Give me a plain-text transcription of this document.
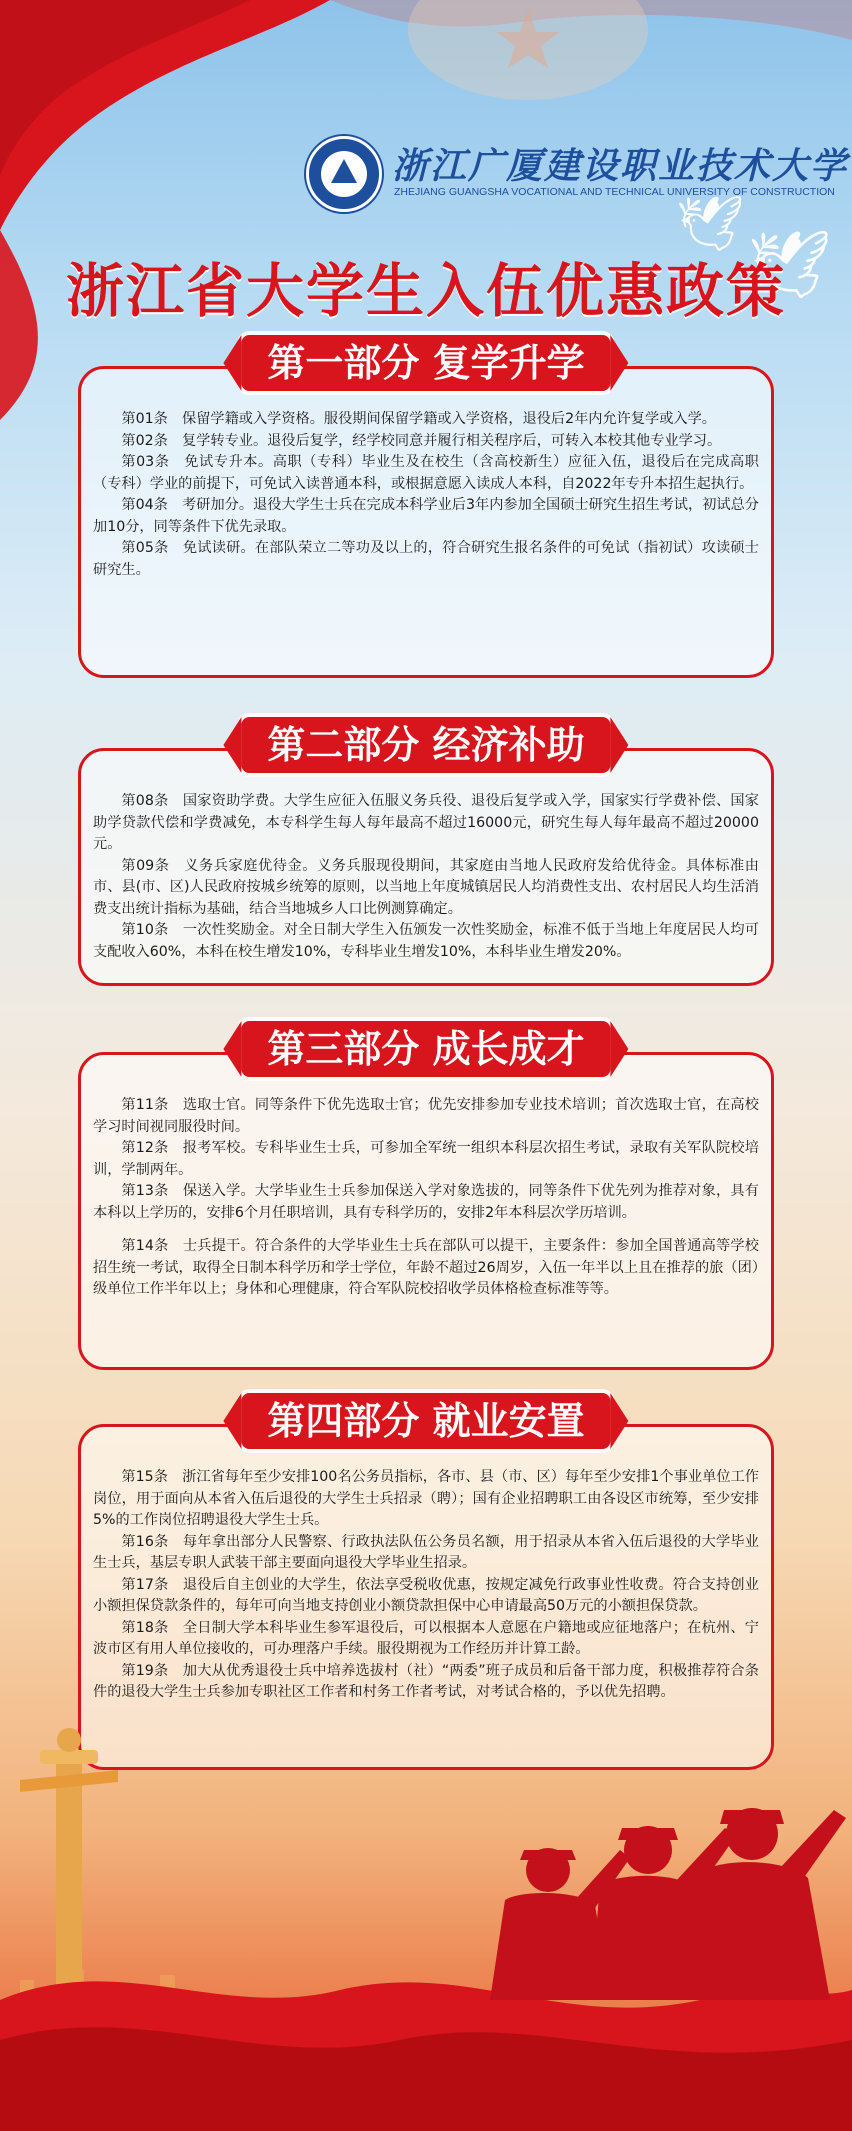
ZGUC
浙江广厦建设职业技术大学
ZHEJIANG GUANGSHA VOCATIONAL AND TECHNICAL UNIVERSITY OF CONSTRUCTION
🕊
🕊
浙江省大学生入伍优惠政策
第一部分 复学升学

第01条　保留学籍或入学资格。服役期间保留学籍或入学资格，退役后2年内允许复学或入学。

第02条　复学转专业。退役后复学，经学校同意并履行相关程序后，可转入本校其他专业学习。

第03条　免试专升本。高职（专科）毕业生及在校生（含高校新生）应征入伍，退役后在完成高职（专科）学业的前提下，可免试入读普通本科，或根据意愿入读成人本科，自2022年专升本招生起执行。

第04条　考研加分。退役大学生士兵在完成本科学业后3年内参加全国硕士研究生招生考试，初试总分加10分，同等条件下优先录取。

第05条　免试读研。在部队荣立二等功及以上的，符合研究生报名条件的可免试（指初试）攻读硕士研究生。

第二部分 经济补助

第08条　国家资助学费。大学生应征入伍服义务兵役、退役后复学或入学，国家实行学费补偿、国家助学贷款代偿和学费减免，本专科学生每人每年最高不超过16000元，研究生每人每年最高不超过20000元。

第09条　义务兵家庭优待金。义务兵服现役期间，其家庭由当地人民政府发给优待金。具体标准由市、县(市、区)人民政府按城乡统筹的原则，以当地上年度城镇居民人均消费性支出、农村居民人均生活消费支出统计指标为基础，结合当地城乡人口比例测算确定。

第10条　一次性奖励金。对全日制大学生入伍颁发一次性奖励金，标准不低于当地上年度居民人均可支配收入60%，本科在校生增发10%，专科毕业生增发10%，本科毕业生增发20%。

第三部分 成长成才

第11条　选取士官。同等条件下优先选取士官；优先安排参加专业技术培训；首次选取士官，在高校学习时间视同服役时间。

第12条　报考军校。专科毕业生士兵，可参加全军统一组织本科层次招生考试，录取有关军队院校培训，学制两年。

第13条　保送入学。大学毕业生士兵参加保送入学对象选拔的，同等条件下优先列为推荐对象，具有本科以上学历的，安排6个月任职培训，具有专科学历的，安排2年本科层次学历培训。

第14条　士兵提干。符合条件的大学毕业生士兵在部队可以提干，主要条件：参加全国普通高等学校招生统一考试，取得全日制本科学历和学士学位，年龄不超过26周岁，入伍一年半以上且在推荐的旅（团）级单位工作半年以上；身体和心理健康，符合军队院校招收学员体格检查标准等等。

第四部分 就业安置

第15条　浙江省每年至少安排100名公务员指标，各市、县（市、区）每年至少安排1个事业单位工作岗位，用于面向从本省入伍后退役的大学生士兵招录（聘）；国有企业招聘职工由各设区市统筹，至少安排5%的工作岗位招聘退役大学生士兵。

第16条　每年拿出部分人民警察、行政执法队伍公务员名额，用于招录从本省入伍后退役的大学毕业生士兵，基层专职人武装干部主要面向退役大学毕业生招录。

第17条　退役后自主创业的大学生，依法享受税收优惠，按规定减免行政事业性收费。符合支持创业小额担保贷款条件的，每年可向当地支持创业小额贷款担保中心申请最高50万元的小额担保贷款。

第18条　全日制大学本科毕业生参军退役后，可以根据本人意愿在户籍地或应征地落户；在杭州、宁波市区有用人单位接收的，可办理落户手续。服役期视为工作经历并计算工龄。

第19条　加大从优秀退役士兵中培养选拔村（社）“两委”班子成员和后备干部力度，积极推荐符合条件的退役大学生士兵参加专职社区工作者和村务工作者考试，对考试合格的，予以优先招聘。
